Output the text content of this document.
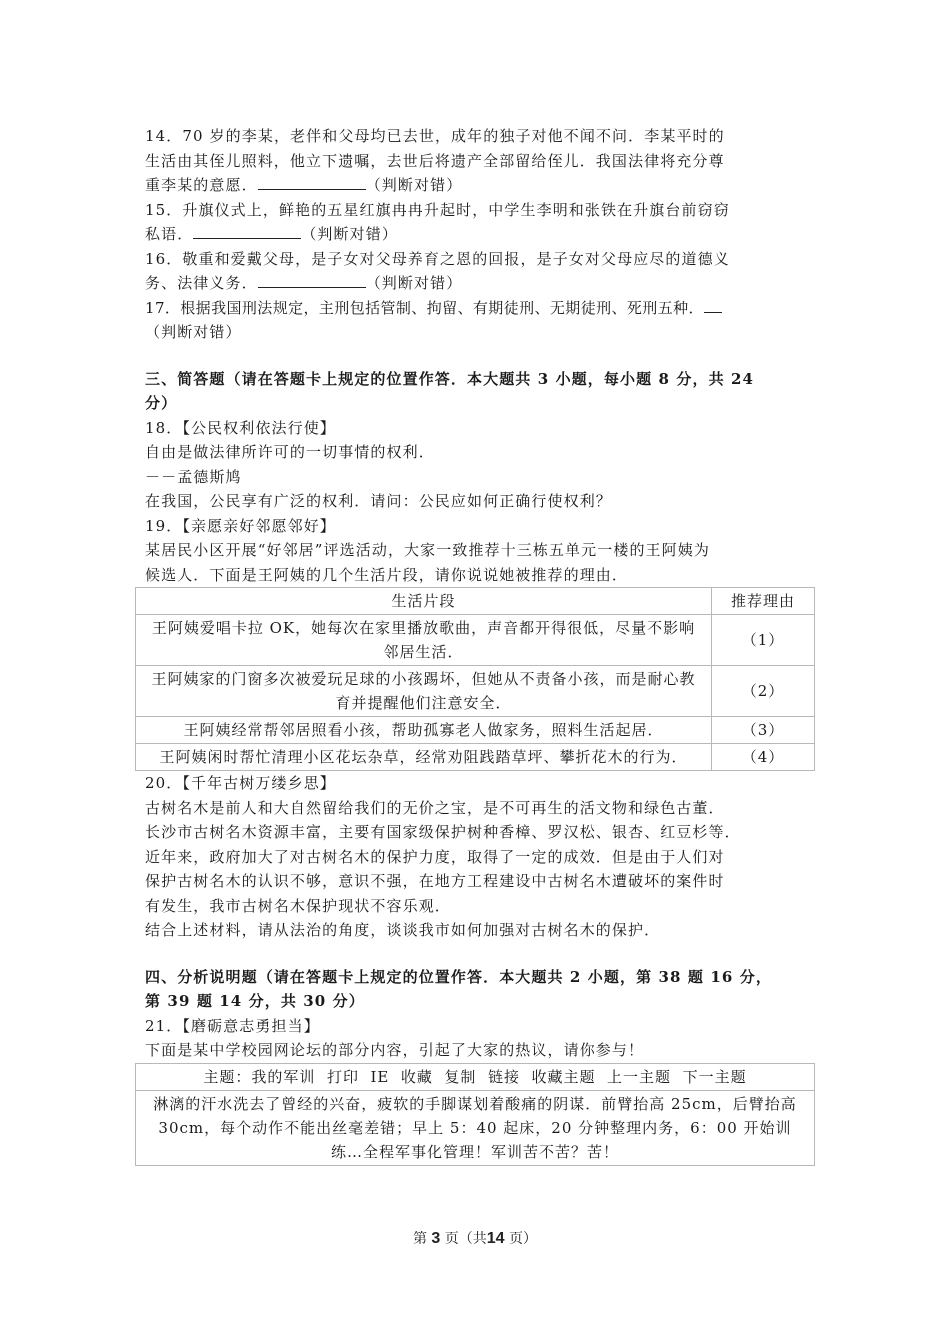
14．70 岁的李某，老伴和父母均已去世，成年的独子对他不闻不问．李某平时的

生活由其侄儿照料，他立下遗嘱，去世后将遗产全部留给侄儿．我国法律将充分尊

重李某的意愿．	（判断对错）

15．升旗仪式上，鲜艳的五星红旗冉冉升起时，中学生李明和张铁在升旗台前窃窃

私语．	（判断对错）

16．敬重和爱戴父母，是子女对父母养育之恩的回报，是子女对父母应尽的道德义

务、法律义务．	（判断对错）

17．根据我国刑法规定，主刑包括管制、拘留、有期徒刑、无期徒刑、死刑五种．

（判断对错）

三、简答题（请在答题卡上规定的位置作答．本大题共 3 小题，每小题 8 分，共 24

分）

18．【公民权利依法行使】

自由是做法律所许可的一切事情的权利．

－－孟德斯鸠

在我国，公民享有广泛的权利．请问：公民应如何正确行使权利？

19．【亲愿亲好邻愿邻好】

某居民小区开展“好邻居”评选活动，大家一致推荐十三栋五单元一楼的王阿姨为

候选人．下面是王阿姨的几个生活片段，请你说说她被推荐的理由．

生活片段	推荐理由
王阿姨爱唱卡拉 OK，她每次在家里播放歌曲，声音都开得很低，尽量不影响邻居生活．	（1）
王阿姨家的门窗多次被爱玩足球的小孩踢坏，但她从不责备小孩，而是耐心教育并提醒他们注意安全．	（2）
王阿姨经常帮邻居照看小孩，帮助孤寡老人做家务，照料生活起居．	（3）
王阿姨闲时帮忙清理小区花坛杂草，经常劝阻践踏草坪、攀折花木的行为．	（4）

20．【千年古树万缕乡思】

古树名木是前人和大自然留给我们的无价之宝，是不可再生的活文物和绿色古董．

长沙市古树名木资源丰富，主要有国家级保护树种香樟、罗汉松、银杏、红豆杉等．

近年来，政府加大了对古树名木的保护力度，取得了一定的成效．但是由于人们对

保护古树名木的认识不够，意识不强，在地方工程建设中古树名木遭破坏的案件时

有发生，我市古树名木保护现状不容乐观．

结合上述材料，请从法治的角度，谈谈我市如何加强对古树名木的保护．

四、分析说明题（请在答题卡上规定的位置作答．本大题共 2 小题，第 38 题 16 分，

第 39 题 14 分，共 30 分）

21．【磨砺意志勇担当】

下面是某中学校园网论坛的部分内容，引起了大家的热议，请你参与！

主题：我的军训  打印  IE  收藏  复制  链接  收藏主题  上一主题  下一主题
淋漓的汗水洗去了曾经的兴奋，疲软的手脚谋划着酸痛的阴谋．前臂抬高 25cm，后臂抬高 30cm，每个动作不能出丝毫差错；早上 5：40 起床，20 分钟整理内务，6：00 开始训练…全程军事化管理！军训苦不苦？苦！
第 3 页（共14 页）
